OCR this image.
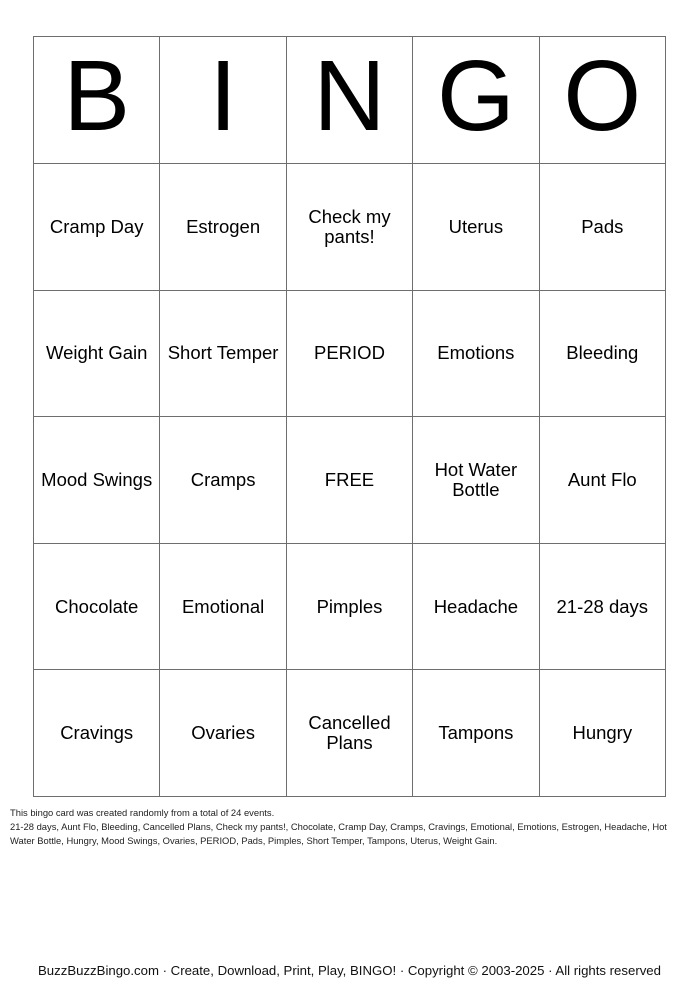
B	I	N	G	O
Cramp Day	Estrogen	Check my pants!	Uterus	Pads
Weight Gain	Short Temper	PERIOD	Emotions	Bleeding
Mood Swings	Cramps	FREE	Hot Water Bottle	Aunt Flo
Chocolate	Emotional	Pimples	Headache	21-28 days
Cravings	Ovaries	Cancelled Plans	Tampons	Hungry

This bingo card was created randomly from a total of 24 events.

21-28 days, Aunt Flo, Bleeding, Cancelled Plans, Check my pants!, Chocolate, Cramp Day, Cramps, Cravings, Emotional, Emotions, Estrogen, Headache, Hot Water Bottle, Hungry, Mood Swings, Ovaries, PERIOD, Pads, Pimples, Short Temper, Tampons, Uterus, Weight Gain.

BuzzBuzzBingo.com · Create, Download, Print, Play, BINGO! · Copyright © 2003-2025 · All rights reserved
